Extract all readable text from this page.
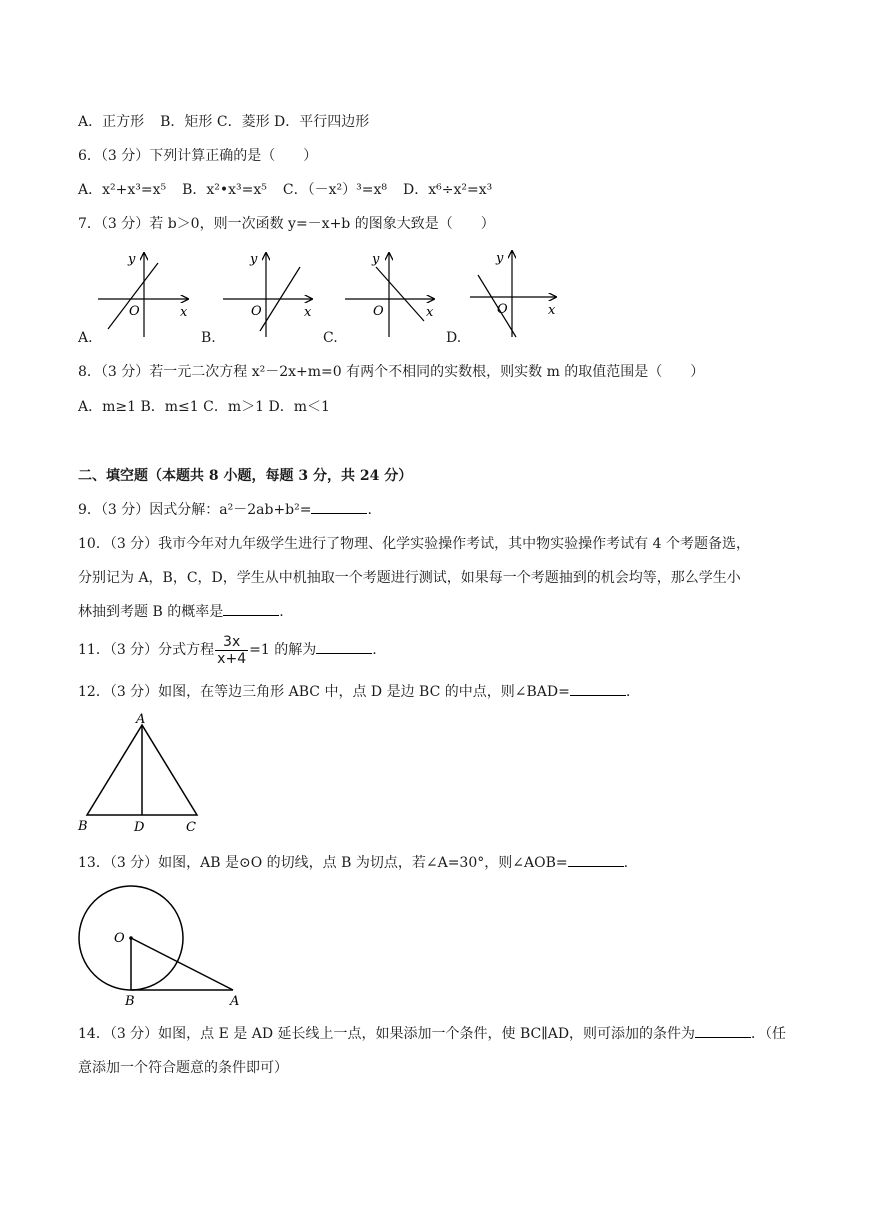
A．正方形 B．矩形 C．菱形 D．平行四边形
6．（3 分）下列计算正确的是（　　）
A．x²+x³=x⁵ B．x²•x³=x⁵ C．（－x²）³=x⁸ D．x⁶÷x²=x³
7．（3 分）若 b＞0，则一次函数 y=－x+b 的图象大致是（　　）
y
x
O
y
x
O
y
x
O
y
x
O
A.	B.	C.	D.
8．（3 分）若一元二次方程 x²－2x+m=0 有两个不相同的实数根，则实数 m 的取值范围是（　　）
A．m≥1 B．m≤1 C．m＞1 D．m＜1
二、填空题（本题共 8 小题，每题 3 分，共 24 分）
9．（3 分）因式分解：a²－2ab+b²=	.
10．（3 分）我市今年对九年级学生进行了物理、化学实验操作考试，其中物实验操作考试有 4 个考题备选，
分别记为 A，B，C，D，学生从中机抽取一个考题进行测试，如果每一个考题抽到的机会均等，那么学生小
林抽到考题 B 的概率是	.
11．（3 分）分式方程 $\frac{3x}{x+4} =1$ 的解为	.
12．（3 分）如图，在等边三角形 ABC 中，点 D 是边 BC 的中点，则∠BAD=	.
A
B	D	C
13．（3 分）如图，AB 是⊙O 的切线，点 B 为切点，若∠A=30°，则∠AOB=	.
O
B	A
14．（3 分）如图，点 E 是 AD 延长线上一点，如果添加一个条件，使 BC∥AD，则可添加的条件为	．（任
意添加一个符合题意的条件即可）
